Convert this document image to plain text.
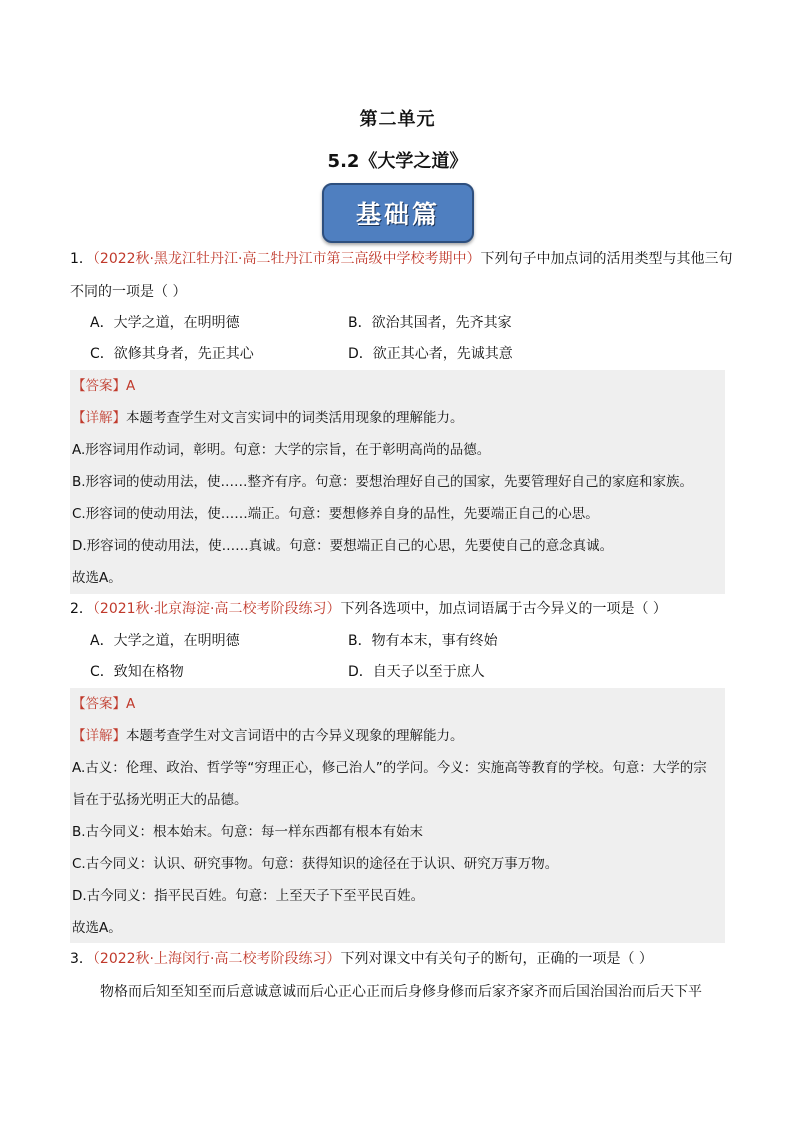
第二单元
5.2《大学之道》
基础篇
1．（2022秋·黑龙江牡丹江·高二牡丹江市第三高级中学校考期中）下列句子中加点词的活用类型与其他三句
不同的一项是（ ）
A．大学之道，在明明德	B．欲治其国者，先齐其家
C．欲修其身者，先正其心	D．欲正其心者，先诚其意
【答案】A
【详解】本题考查学生对文言实词中的词类活用现象的理解能力。
A.形容词用作动词，彰明。句意：大学的宗旨，在于彰明高尚的品德。
B.形容词的使动用法，使……整齐有序。句意：要想治理好自己的国家，先要管理好自己的家庭和家族。
C.形容词的使动用法，使……端正。句意：要想修养自身的品性，先要端正自己的心思。
D.形容词的使动用法，使……真诚。句意：要想端正自己的心思，先要使自己的意念真诚。
故选A。
2．（2021秋·北京海淀·高二校考阶段练习）下列各选项中，加点词语属于古今异义的一项是（ ）
A．大学之道，在明明德	B．物有本末，事有终始
C．致知在格物	D．自天子以至于庶人
【答案】A
【详解】本题考查学生对文言词语中的古今异义现象的理解能力。
A.古义：伦理、政治、哲学等“穷理正心，修己治人”的学问。今义：实施高等教育的学校。句意：大学的宗
旨在于弘扬光明正大的品德。
B.古今同义：根本始末。句意：每一样东西都有根本有始末
C.古今同义：认识、研究事物。句意：获得知识的途径在于认识、研究万事万物。
D.古今同义：指平民百姓。句意：上至天子下至平民百姓。
故选A。
3．（2022秋·上海闵行·高二校考阶段练习）下列对课文中有关句子的断句，正确的一项是（ ）
物格而后知至知至而后意诚意诚而后心正心正而后身修身修而后家齐家齐而后国治国治而后天下平
